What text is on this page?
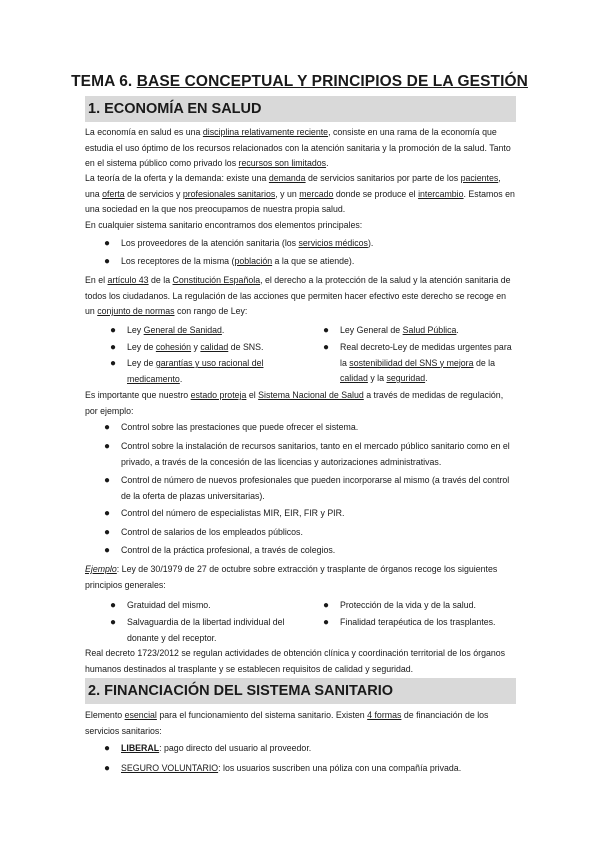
TEMA 6. BASE CONCEPTUAL Y PRINCIPIOS DE LA GESTIÓN
1. ECONOMÍA EN SALUD
La economía en salud es una disciplina relativamente reciente, consiste en una rama de la economía que estudia el uso óptimo de los recursos relacionados con la atención sanitaria y la promoción de la salud. Tanto en el sistema público como privado los recursos son limitados.
La teoría de la oferta y la demanda: existe una demanda de servicios sanitarios por parte de los pacientes, una oferta de servicios y profesionales sanitarios, y un mercado donde se produce el intercambio. Estamos en una sociedad en la que nos preocupamos de nuestra propia salud.
En cualquier sistema sanitario encontramos dos elementos principales:
● Los proveedores de la atención sanitaria (los servicios médicos).
● Los receptores de la misma (población a la que se atiende).
En el artículo 43 de la Constitución Española, el derecho a la protección de la salud y la atención sanitaria de todos los ciudadanos. La regulación de las acciones que permiten hacer efectivo este derecho se recoge en un conjunto de normas con rango de Ley:
● Ley General de Sanidad.
● Ley de cohesión y calidad de SNS.
● Ley de garantías y uso racional del medicamento.
● Ley General de Salud Pública.
● Real decreto-Ley de medidas urgentes para la sostenibilidad del SNS y mejora de la calidad y la seguridad.
Es importante que nuestro estado proteja el Sistema Nacional de Salud a través de medidas de regulación, por ejemplo:
● Control sobre las prestaciones que puede ofrecer el sistema.
● Control sobre la instalación de recursos sanitarios, tanto en el mercado público sanitario como en el privado, a través de la concesión de las licencias y autorizaciones administrativas.
● Control de número de nuevos profesionales que pueden incorporarse al mismo (a través del control de la oferta de plazas universitarias).
● Control del número de especialistas MIR, EIR, FIR y PIR.
● Control de salarios de los empleados públicos.
● Control de la práctica profesional, a través de colegios.
Ejemplo: Ley de 30/1979 de 27 de octubre sobre extracción y trasplante de órganos recoge los siguientes principios generales:
● Gratuidad del mismo.
● Salvaguardia de la libertad individual del donante y del receptor.
● Protección de la vida y de la salud.
● Finalidad terapéutica de los trasplantes.
Real decreto 1723/2012 se regulan actividades de obtención clínica y coordinación territorial de los órganos humanos destinados al trasplante y se establecen requisitos de calidad y seguridad.
2. FINANCIACIÓN DEL SISTEMA SANITARIO
Elemento esencial para el funcionamiento del sistema sanitario. Existen 4 formas de financiación de los servicios sanitarios:
● LIBERAL: pago directo del usuario al proveedor.
● SEGURO VOLUNTARIO: los usuarios suscriben una póliza con una compañía privada.
